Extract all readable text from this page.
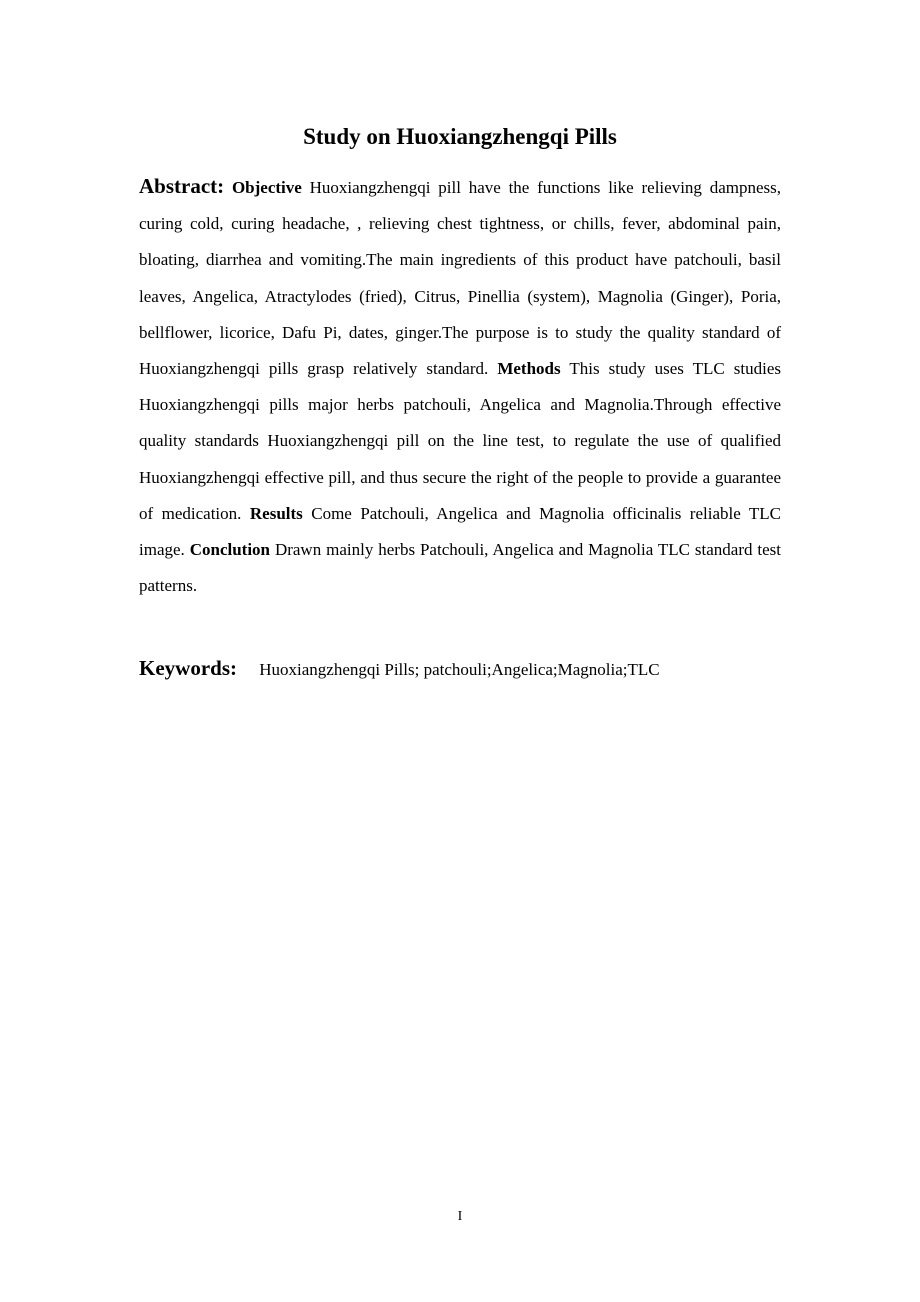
Study on Huoxiangzhengqi Pills

Abstract: Objective Huoxiangzhengqi pill have the functions like relieving dampness, curing cold, curing headache, , relieving chest tightness, or chills, fever, abdominal pain, bloating, diarrhea and vomiting.The main ingredients of this product have patchouli, basil leaves, Angelica, Atractylodes (fried), Citrus, Pinellia (system), Magnolia (Ginger), Poria, bellflower, licorice, Dafu Pi, dates, ginger.The purpose is to study the quality standard of Huoxiangzhengqi pills grasp relatively standard. Methods This study uses TLC studies Huoxiangzhengqi pills major herbs patchouli, Angelica and Magnolia.Through effective quality standards Huoxiangzhengqi pill on the line test, to regulate the use of qualified Huoxiangzhengqi effective pill, and thus secure the right of the people to provide a guarantee of medication. Results Come Patchouli, Angelica and Magnolia officinalis reliable TLC image. Conclution Drawn mainly herbs Patchouli, Angelica and Magnolia TLC standard test patterns.

Keywords: Huoxiangzhengqi Pills; patchouli;Angelica;Magnolia;TLC
I
